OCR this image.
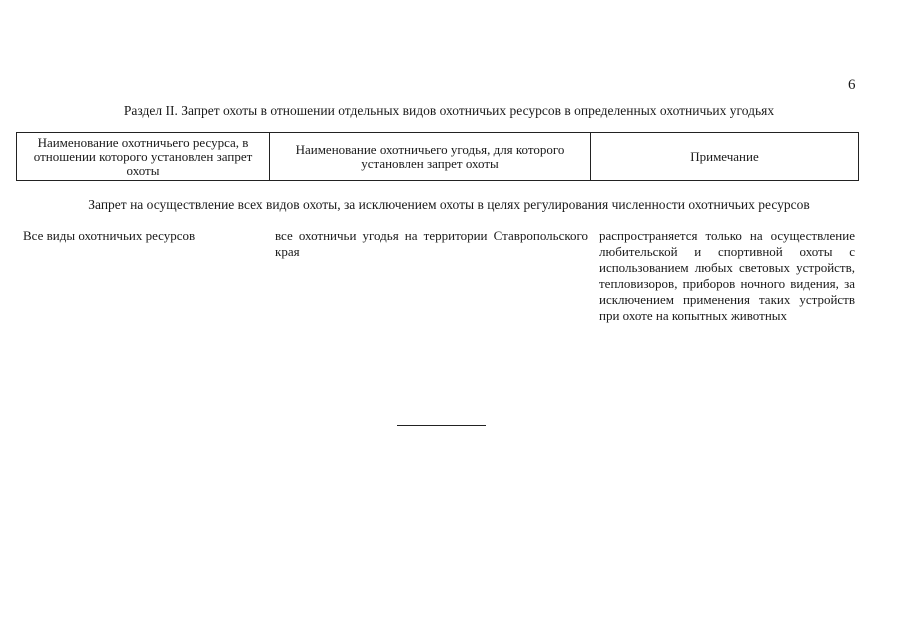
6
Раздел II. Запрет охоты в отношении отдельных видов охотничьих ресурсов в определенных охотничьих угодьях
Наименование охотничьего ресурса, в отношении которого установлен запрет охоты
Наименование охотничьего угодья, для которого установлен запрет охоты	Примечание
Запрет на осуществление всех видов охоты, за исключением охоты в целях регулирования численности охотничьих ресурсов
Все виды охотничьих ресурсов	все охотничьи угодья на территории Ставропольского края
распространяется только на осуществление любительской и спортивной охоты с использованием любых световых устройств, тепловизоров, приборов ночного видения, за исключением применения таких устройств при охоте на копытных животных
